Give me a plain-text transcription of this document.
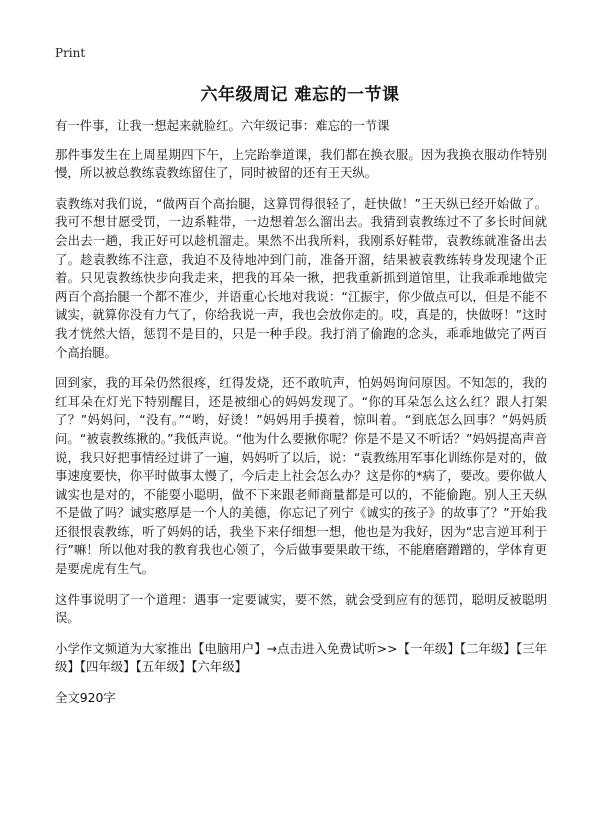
Print
六年级周记 难忘的一节课

有一件事，让我一想起来就脸红。六年级记事：难忘的一节课

那件事发生在上周星期四下午，上完跆拳道课，我们都在换衣服。因为我换衣服动作特别慢，所以被总教练袁教练留住了，同时被留的还有王天纵。

袁教练对我们说，“做两百个高抬腿，这算罚得很轻了，赶快做！”王天纵已经开始做了。我可不想甘愿受罚，一边系鞋带，一边想着怎么溜出去。我猜到袁教练过不了多长时间就会出去一趟，我正好可以趁机溜走。果然不出我所料，我刚系好鞋带，袁教练就准备出去了。趁袁教练不注意，我迫不及待地冲到门前，准备开溜，结果被袁教练转身发现逮个正着。只见袁教练快步向我走来，把我的耳朵一揪，把我重新抓到道馆里，让我乖乖地做完两百个高抬腿一个都不准少，并语重心长地对我说：“江振宇，你少做点可以，但是不能不诚实，就算你没有力气了，你给我说一声，我也会放你走的。哎，真是的，快做呀！”这时我才恍然大悟，惩罚不是目的，只是一种手段。我打消了偷跑的念头，乖乖地做完了两百个高抬腿。

回到家，我的耳朵仍然很疼，红得发烧，还不敢吭声，怕妈妈询问原因。不知怎的，我的红耳朵在灯光下特别醒目，还是被细心的妈妈发现了。“你的耳朵怎么这么红？跟人打架了？”妈妈问，“没有。”“哟，好烫！”妈妈用手摸着，惊叫着。“到底怎么回事？”妈妈质问。“被袁教练揪的。”我低声说。“他为什么要揪你呢？你是不是又不听话？”妈妈提高声音说，我只好把事情经过讲了一遍，妈妈听了以后，说：“袁教练用军事化训练你是对的，做事速度要快，你平时做事太慢了，今后走上社会怎么办？这是你的*病了，要改。要你做人诚实也是对的，不能耍小聪明，做不下来跟老师商量都是可以的，不能偷跑。别人王天纵不是做了吗？诚实憨厚是一个人的美德，你忘记了列宁《诚实的孩子》的故事了？”开始我还很恨袁教练，听了妈妈的话，我坐下来仔细想一想，他也是为我好，因为“忠言逆耳利于行”嘛！所以他对我的教育我也心领了，今后做事要果敢干练，不能磨磨蹭蹭的，学体育更是要虎虎有生气。

这件事说明了一个道理：遇事一定要诚实，要不然，就会受到应有的惩罚，聪明反被聪明误。

小学作文频道为大家推出【电脑用户】→点击进入免费试听>>【一年级】【二年级】【三年级】【四年级】【五年级】【六年级】

全文920字
